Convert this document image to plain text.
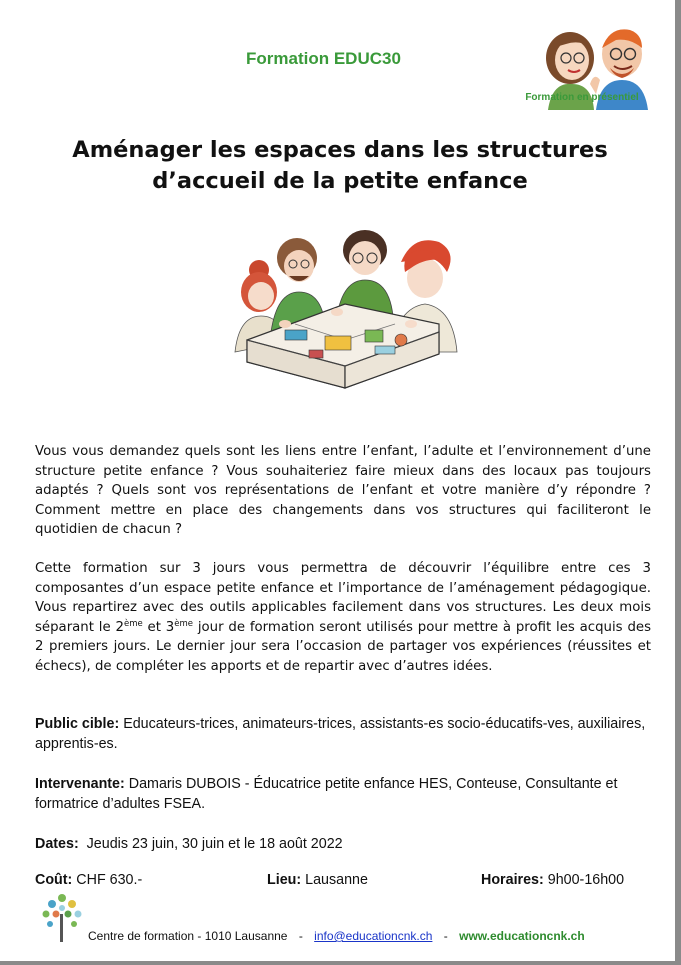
Formation EDUC30
Formation en présentiel
Aménager les espaces dans les structures
d’accueil de la petite enfance

Vous vous demandez quels sont les liens entre l’enfant, l’adulte et l’environnement d’une structure petite enfance ? Vous souhaiteriez faire mieux dans des locaux pas toujours adaptés ? Quels sont vos représentations de l’enfant et votre manière d’y répondre ? Comment mettre en place des changements dans vos structures qui faciliteront le quotidien de chacun ?

Cette formation sur 3 jours vous permettra de découvrir l’équilibre entre ces 3 composantes d’un espace petite enfance et l’importance de l’aménagement pédagogique. Vous repartirez avec des outils applicables facilement dans vos structures. Les deux mois séparant le 2ème et 3ème jour de formation seront utilisés pour mettre à profit les acquis des 2 premiers jours. Le dernier jour sera l’occasion de partager vos expériences (réussites et échecs), de compléter les apports et de repartir avec d’autres idées.

Public cible: Educateurs-trices, animateurs-trices, assistants-es socio-éducatifs-ves, auxiliaires, apprentis-es.

Intervenante: Damaris DUBOIS - Éducatrice petite enfance HES, Conteuse, Consultante et formatrice d’adultes FSEA.

Dates:  Jeudis 23 juin, 30 juin et le 18 août 2022

Coût: CHF 630.-	Lieu: Lausanne	Horaires: 9h00-16h00
Centre de formation - 1010 Lausanne - info@educationcnk.ch - www.educationcnk.ch
